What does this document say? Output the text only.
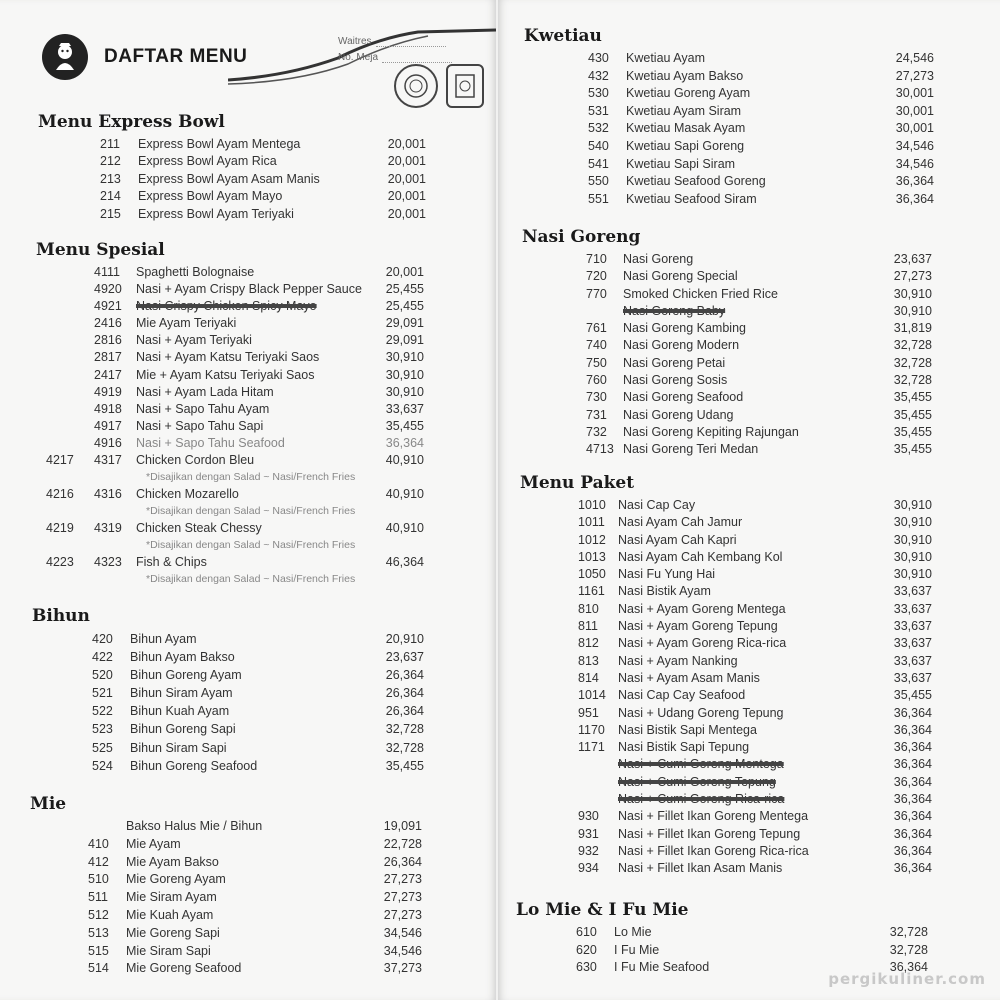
DAFTAR MENU
Waitres
No. Meja
Menu Express Bowl
211 Express Bowl Ayam Mentega	20,001
212 Express Bowl Ayam Rica	20,001
213 Express Bowl Ayam Asam Manis	20,001
214 Express Bowl Ayam Mayo	20,001
215 Express Bowl Ayam Teriyaki	20,001
Menu Spesial
4111 Spaghetti Bolognaise	20,001
4920 Nasi + Ayam Crispy Black Pepper Sauce	25,455
4921 Nasi Crispy Chicken Spicy Mayo	25,455
2416 Mie Ayam Teriyaki	29,091
2816 Nasi + Ayam Teriyaki	29,091
2817 Nasi + Ayam Katsu Teriyaki Saos	30,910
2417 Mie + Ayam Katsu Teriyaki Saos	30,910
4919 Nasi + Ayam Lada Hitam	30,910
4918 Nasi + Sapo Tahu Ayam	33,637
4917 Nasi + Sapo Tahu Sapi	35,455
4916 Nasi + Sapo Tahu Seafood	36,364
4217 4317 Chicken Cordon Bleu	40,910
*Disajikan dengan Salad ~ Nasi/French Fries
4216 4316 Chicken Mozarello	40,910
*Disajikan dengan Salad ~ Nasi/French Fries
4219 4319 Chicken Steak Chessy	40,910
*Disajikan dengan Salad ~ Nasi/French Fries
4223 4323 Fish & Chips	46,364
*Disajikan dengan Salad ~ Nasi/French Fries
Bihun
420 Bihun Ayam	20,910
422 Bihun Ayam Bakso	23,637
520 Bihun Goreng Ayam	26,364
521 Bihun Siram Ayam	26,364
522 Bihun Kuah Ayam	26,364
523 Bihun Goreng Sapi	32,728
525 Bihun Siram Sapi	32,728
524 Bihun Goreng Seafood	35,455
Mie
Bakso Halus Mie / Bihun	19,091
410 Mie Ayam	22,728
412 Mie Ayam Bakso	26,364
510 Mie Goreng Ayam	27,273
511 Mie Siram Ayam	27,273
512 Mie Kuah Ayam	27,273
513 Mie Goreng Sapi	34,546
515 Mie Siram Sapi	34,546
514 Mie Goreng Seafood	37,273
Kwetiau
430 Kwetiau Ayam	24,546
432 Kwetiau Ayam Bakso	27,273
530 Kwetiau Goreng Ayam	30,001
531 Kwetiau Ayam Siram	30,001
532 Kwetiau Masak Ayam	30,001
540 Kwetiau Sapi Goreng	34,546
541 Kwetiau Sapi Siram	34,546
550 Kwetiau Seafood Goreng	36,364
551 Kwetiau Seafood Siram	36,364
Nasi Goreng
710 Nasi Goreng	23,637
720 Nasi Goreng Special	27,273
770 Smoked Chicken Fried Rice	30,910
Nasi Goreng Baby	30,910
761 Nasi Goreng Kambing	31,819
740 Nasi Goreng Modern	32,728
750 Nasi Goreng Petai	32,728
760 Nasi Goreng Sosis	32,728
730 Nasi Goreng Seafood	35,455
731 Nasi Goreng Udang	35,455
732 Nasi Goreng Kepiting Rajungan	35,455
4713 Nasi Goreng Teri Medan	35,455
Menu Paket
1010 Nasi Cap Cay	30,910
1011 Nasi Ayam Cah Jamur	30,910
1012 Nasi Ayam Cah Kapri	30,910
1013 Nasi Ayam Cah Kembang Kol	30,910
1050 Nasi Fu Yung Hai	30,910
1161 Nasi Bistik Ayam	33,637
810 Nasi + Ayam Goreng Mentega	33,637
811 Nasi + Ayam Goreng Tepung	33,637
812 Nasi + Ayam Goreng Rica-rica	33,637
813 Nasi + Ayam Nanking	33,637
814 Nasi + Ayam Asam Manis	33,637
1014 Nasi Cap Cay Seafood	35,455
951 Nasi + Udang Goreng Tepung	36,364
1170 Nasi Bistik Sapi Mentega	36,364
1171 Nasi Bistik Sapi Tepung	36,364
Nasi + Cumi Goreng Mentega	36,364
Nasi + Cumi Goreng Tepung	36,364
Nasi + Cumi Goreng Rica-rica	36,364
930 Nasi + Fillet Ikan Goreng Mentega	36,364
931 Nasi + Fillet Ikan Goreng Tepung	36,364
932 Nasi + Fillet Ikan Goreng Rica-rica	36,364
934 Nasi + Fillet Ikan Asam Manis	36,364
Lo Mie & I Fu Mie
610 Lo Mie	32,728
620 I Fu Mie	32,728
630 I Fu Mie Seafood	36,364
pergikuliner.com
